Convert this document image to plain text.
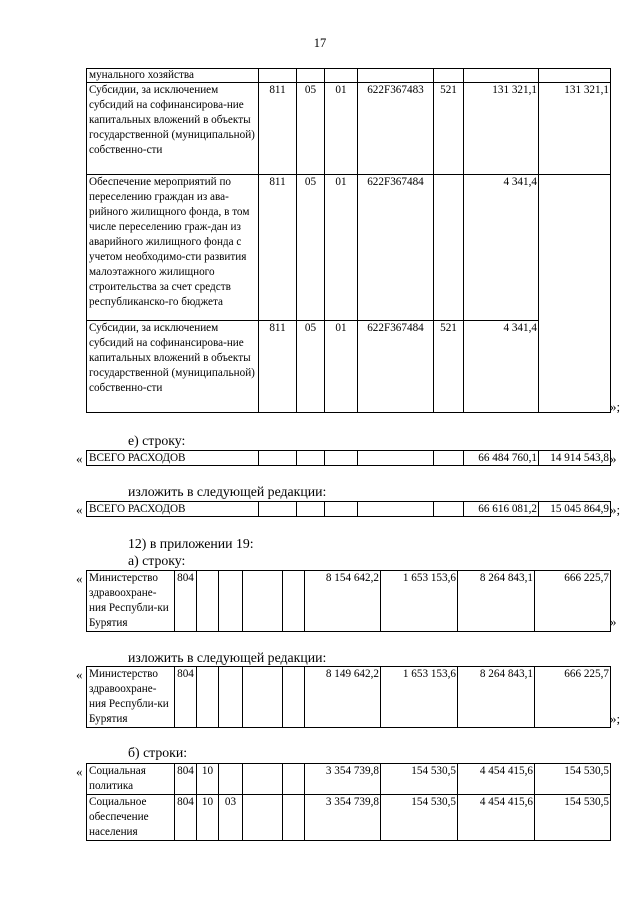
17
мунального хозяйства							
Субсидии, за исключением субсидий на софинансирова-ние капитальных вложений в объекты государственной (муниципальной) собственно-сти	811	05	01	622F367483	521	131 321,1	131 321,1
Обеспечение мероприятий по переселению граждан из ава-рийного жилищного фонда, в том числе переселению граж-дан из аварийного жилищного фонда с учетом необходимо-сти развития малоэтажного жилищного строительства за счет средств республиканско-го бюджета	811	05	01	622F367484		4 341,4	
Субсидии, за исключением субсидий на софинансирова-ние капитальных вложений в объекты государственной (муниципальной) собственно-сти	811	05	01	622F367484	521	4 341,4	
»;
е) строку:
« ВСЕГО РАСХОДОВ						66 484 760,1	14 914 543,8 »
изложить в следующей редакции:
« ВСЕГО РАСХОДОВ						66 616 081,2	15 045 864,9 »;
12) в приложении 19:
а) строку:
« Министерство здравоохране-ния Республи-ки Бурятия	804					8 154 642,2	1 653 153,6	8 264 843,1	666 225,7
»
изложить в следующей редакции:
« Министерство здравоохране-ния Республи-ки Бурятия	804					8 149 642,2	1 653 153,6	8 264 843,1	666 225,7
»;
б) строки:
« Социальная политика	804	10				3 354 739,8	154 530,5	4 454 415,6	154 530,5
Социальное обеспечение населения	804	10	03			3 354 739,8	154 530,5	4 454 415,6	154 530,5
